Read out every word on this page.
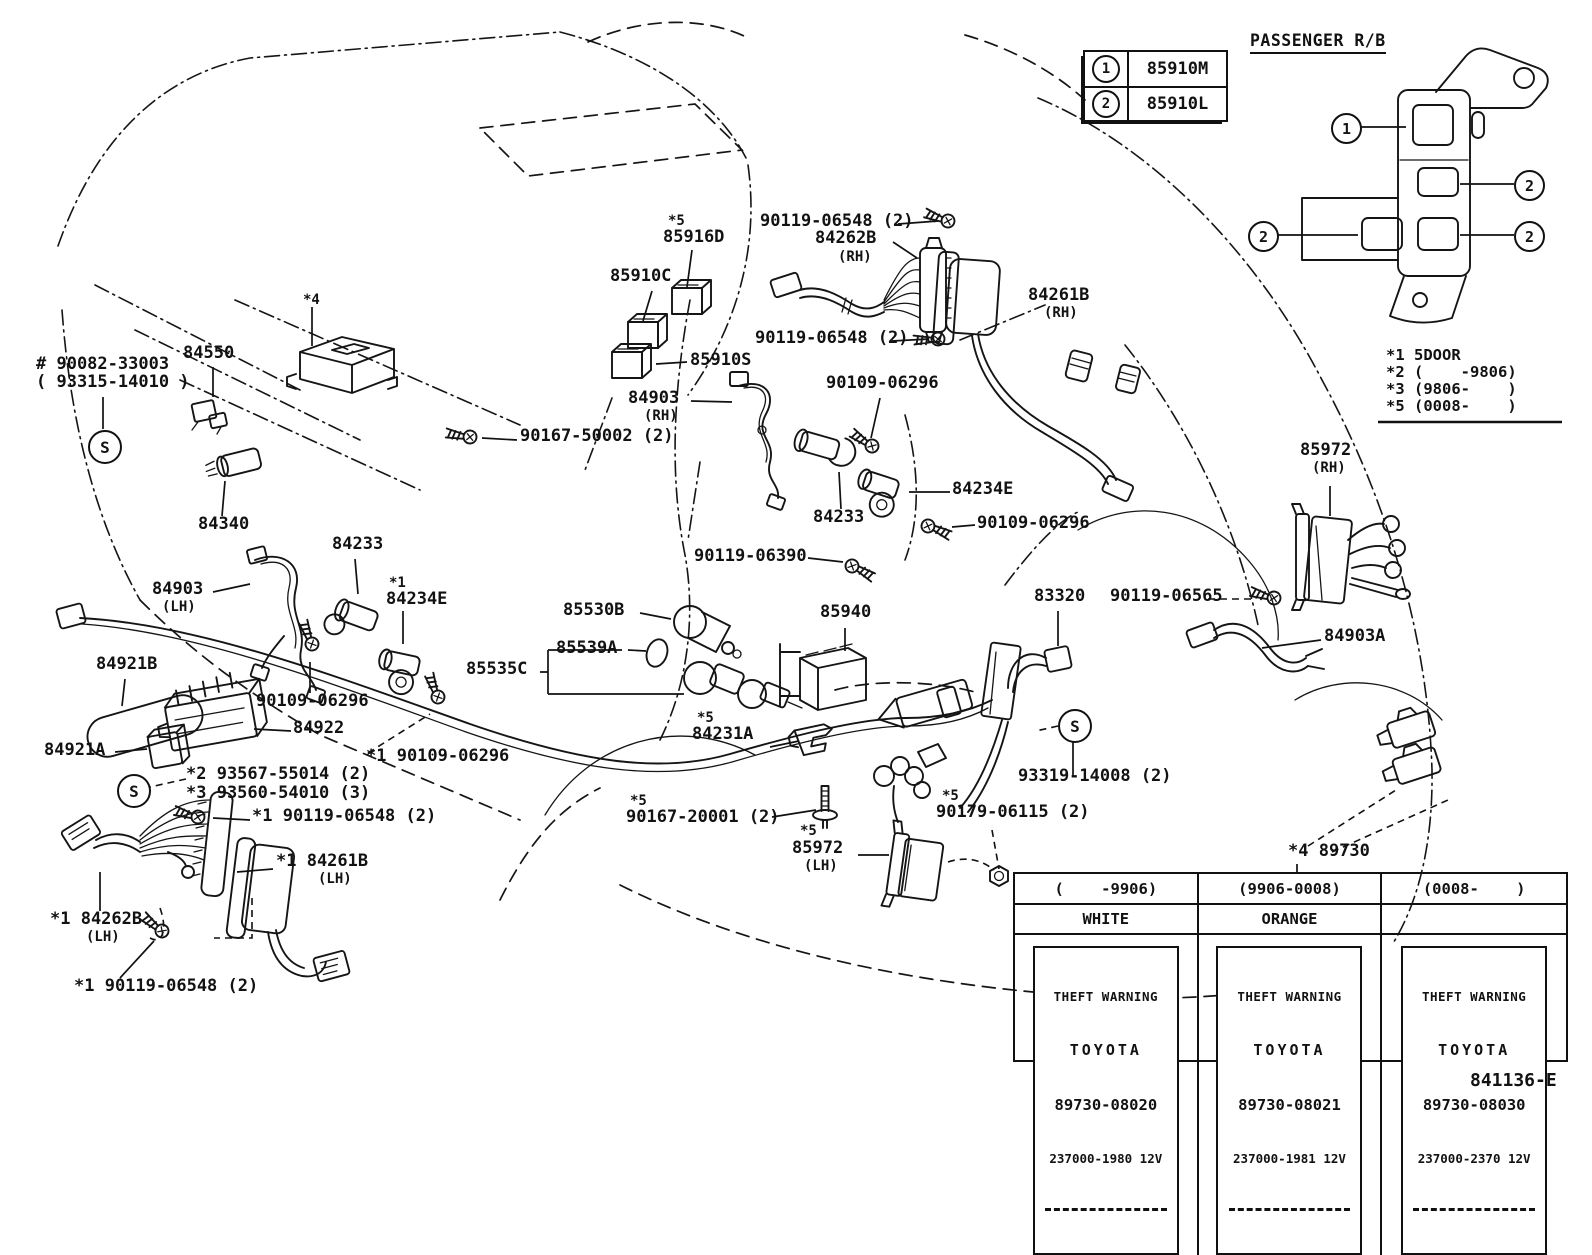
# 90082-33003
( 93315-14010 )
84550
*4
85910C
*5
85916D
90119-06548 (2)
84262B
(RH)
84261B
(RH)
90119-06548 (2)
85910S
84903
(RH)
90109-06296
90167-50002 (2)
84340
84233
84903
(LH)
*1
84234E
84233
84234E
90109-06296
90119-06390
85530B
85539A
85535C
85940
83320 90119-06565
85972
(RH)
84903A
84921B
90109-06296
84922
84921A
*2 93567-55014 (2)
*3 93560-54010 (3)
*1 90119-06548 (2)
*1 84261B
(LH)
*1 84262B
(LH)
*1 90119-06548 (2)
*1 90109-06296
*5
90167-20001 (2)
*5
84231A
*5
85972
(LH)
*5
90179-06115 (2)
93319-14008 (2)
*4 89730
S
S
S
1	85910M
2	85910L
PASSENGER R/B
1
2
2	2
*1 5DOOR
*2 (    -9806)
*3 (9806-    )
*5 (0008-    )
(    -9906)	(9906-0008)	(0008-    )
WHITE	ORANGE

THEFT WARNING

TOYOTA

89730-08020

237000-1980 12V

THEFT WARNING

TOYOTA

89730-08021

237000-1981 12V

THEFT WARNING

TOYOTA

89730-08030

237000-2370 12V

841136-E
